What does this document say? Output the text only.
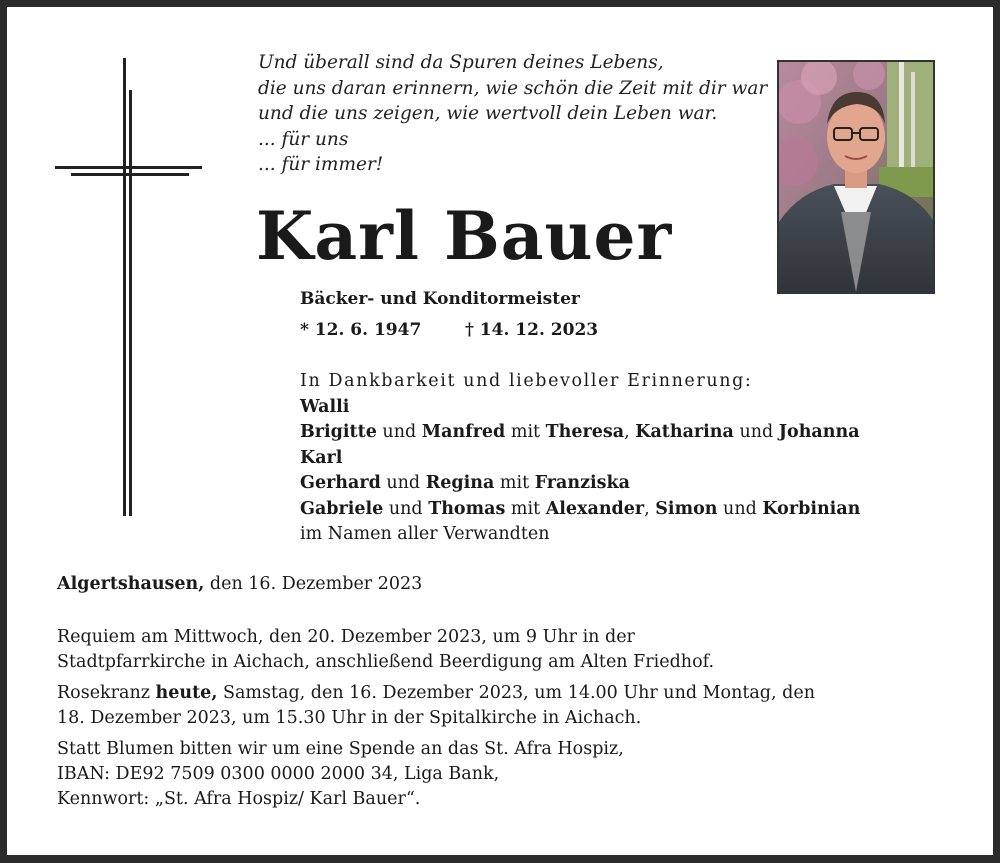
Und überall sind da Spuren deines Lebens,
die uns daran erinnern, wie schön die Zeit mit dir war
und die uns zeigen, wie wertvoll dein Leben war.
... für uns
... für immer!
Karl Bauer
Bäcker- und Konditormeister
* 12. 6. 1947	† 14. 12. 2023
In Dankbarkeit und liebevoller Erinnerung:
Walli
Brigitte und Manfred mit Theresa, Katharina und Johanna
Karl
Gerhard und Regina mit Franziska
Gabriele und Thomas mit Alexander, Simon und Korbinian
im Namen aller Verwandten
Algertshausen, den 16. Dezember 2023

Requiem am Mittwoch, den 20. Dezember 2023, um 9 Uhr in der
Stadtpfarrkirche in Aichach, anschließend Beerdigung am Alten Friedhof.

Rosekranz heute, Samstag, den 16. Dezember 2023, um 14.00 Uhr und Montag, den
18. Dezember 2023, um 15.30 Uhr in der Spitalkirche in Aichach.

Statt Blumen bitten wir um eine Spende an das St. Afra Hospiz,
IBAN: DE92 7509 0300 0000 2000 34, Liga Bank,
Kennwort: „St. Afra Hospiz/ Karl Bauer“.
